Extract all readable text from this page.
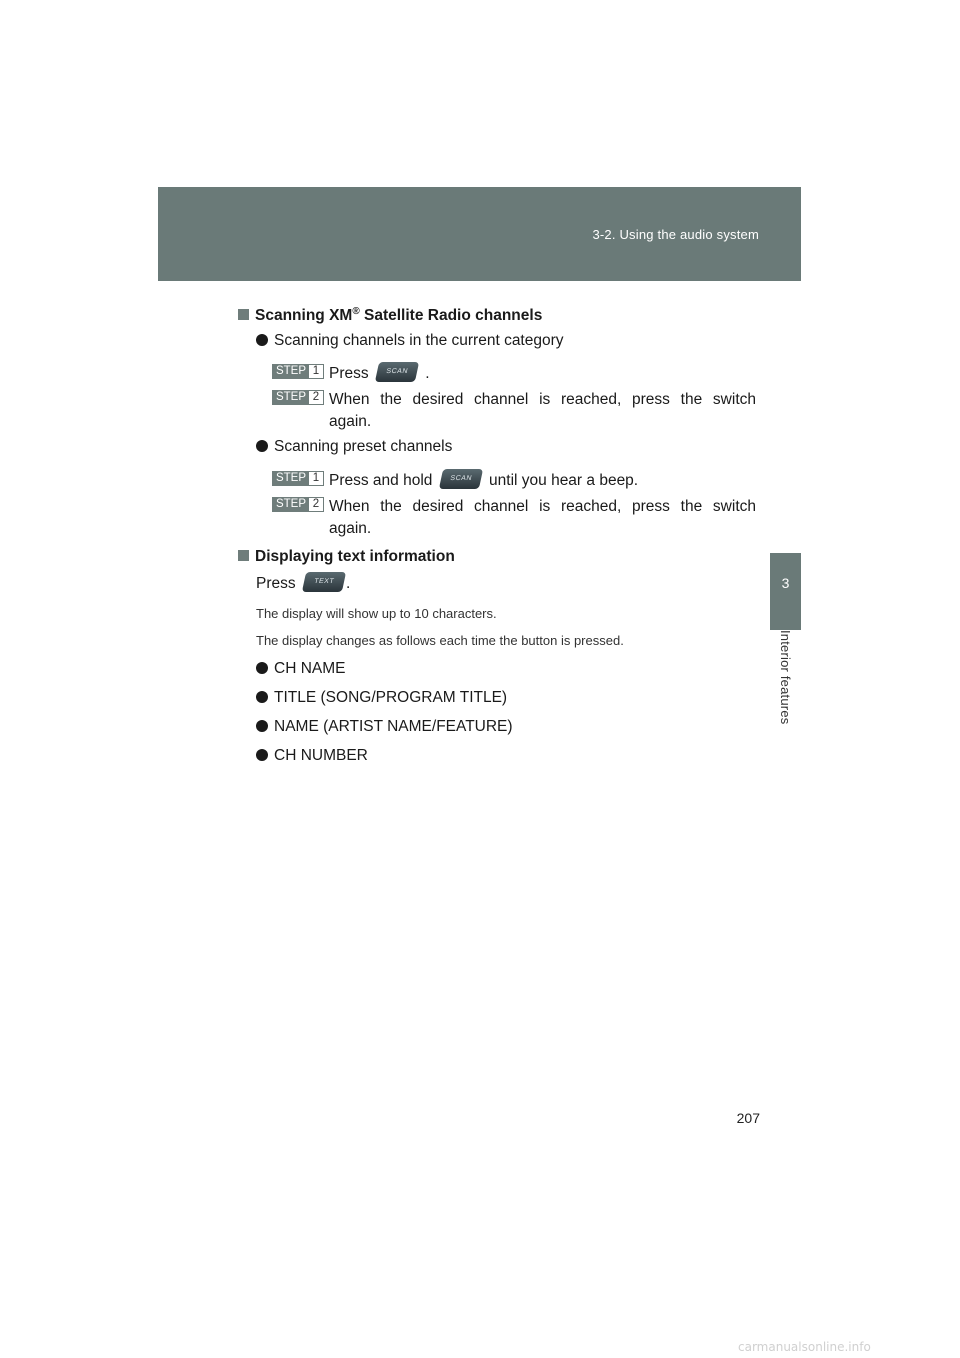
3-2. Using the audio system
3
Interior features
Scanning XM® Satellite Radio channels
Scanning channels in the current category
STEP 1 Press SCAN .
STEP 2 When the desired channel is reached, press the switch
again.
Scanning preset channels
STEP 1 Press and hold SCAN until you hear a beep.
STEP 2 When the desired channel is reached, press the switch
again.
Displaying text information
Press	TEXT .
The display will show up to 10 characters.
The display changes as follows each time the button is pressed.
CH NAME
TITLE (SONG/PROGRAM TITLE)
NAME (ARTIST NAME/FEATURE)
CH NUMBER
207
carmanualsonline.info
